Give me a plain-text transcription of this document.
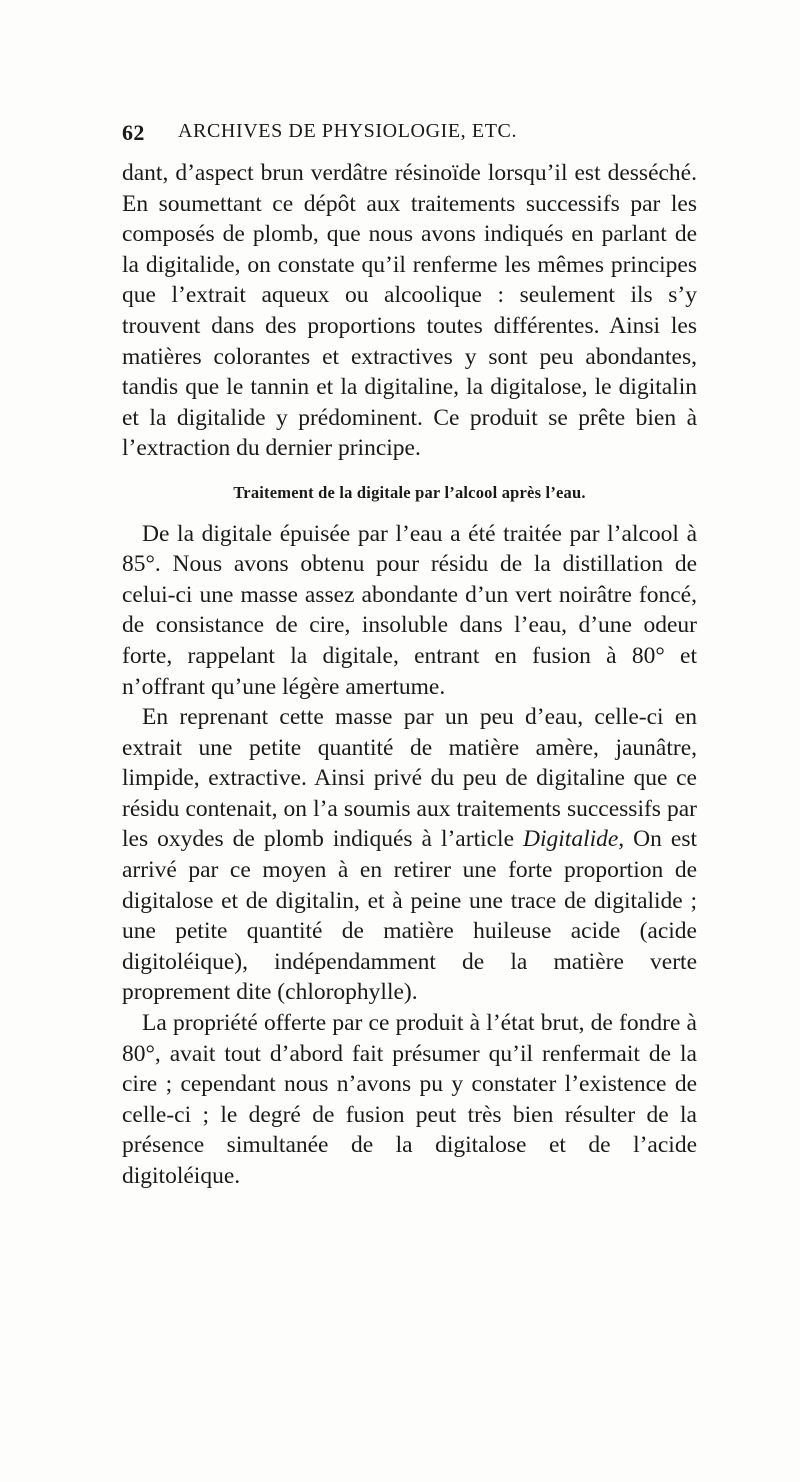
62 ARCHIVES DE PHYSIOLOGIE, ETC.

dant, d’aspect brun verdâtre résinoïde lorsqu’il est desséché. En soumettant ce dépôt aux traitements successifs par les composés de plomb, que nous avons indiqués en parlant de la digitalide, on constate qu’il renferme les mêmes principes que l’extrait aqueux ou alcoolique : seulement ils s’y trouvent dans des proportions toutes différentes. Ainsi les matières colorantes et extractives y sont peu abondantes, tandis que le tannin et la digitaline, la digitalose, le digitalin et la digitalide y prédominent. Ce produit se prête bien à l’extraction du dernier principe.

Traitement de la digitale par l’alcool après l’eau.

De la digitale épuisée par l’eau a été traitée par l’alcool à 85°. Nous avons obtenu pour résidu de la distillation de celui-ci une masse assez abondante d’un vert noirâtre foncé, de consistance de cire, insoluble dans l’eau, d’une odeur forte, rappelant la digitale, entrant en fusion à 80° et n’offrant qu’une légère amertume.

En reprenant cette masse par un peu d’eau, celle-ci en extrait une petite quantité de matière amère, jaunâtre, limpide, extractive. Ainsi privé du peu de digitaline que ce résidu contenait, on l’a soumis aux traitements successifs par les oxydes de plomb indiqués à l’article Digitalide, On est arrivé par ce moyen à en retirer une forte proportion de digitalose et de digitalin, et à peine une trace de digitalide ; une petite quantité de matière huileuse acide (acide digitoléique), indépendamment de la matière verte proprement dite (chlorophylle).

La propriété offerte par ce produit à l’état brut, de fondre à 80°, avait tout d’abord fait présumer qu’il renfermait de la cire ; cependant nous n’avons pu y constater l’existence de celle-ci ; le degré de fusion peut très bien résulter de la présence simultanée de la digitalose et de l’acide digitoléique.
